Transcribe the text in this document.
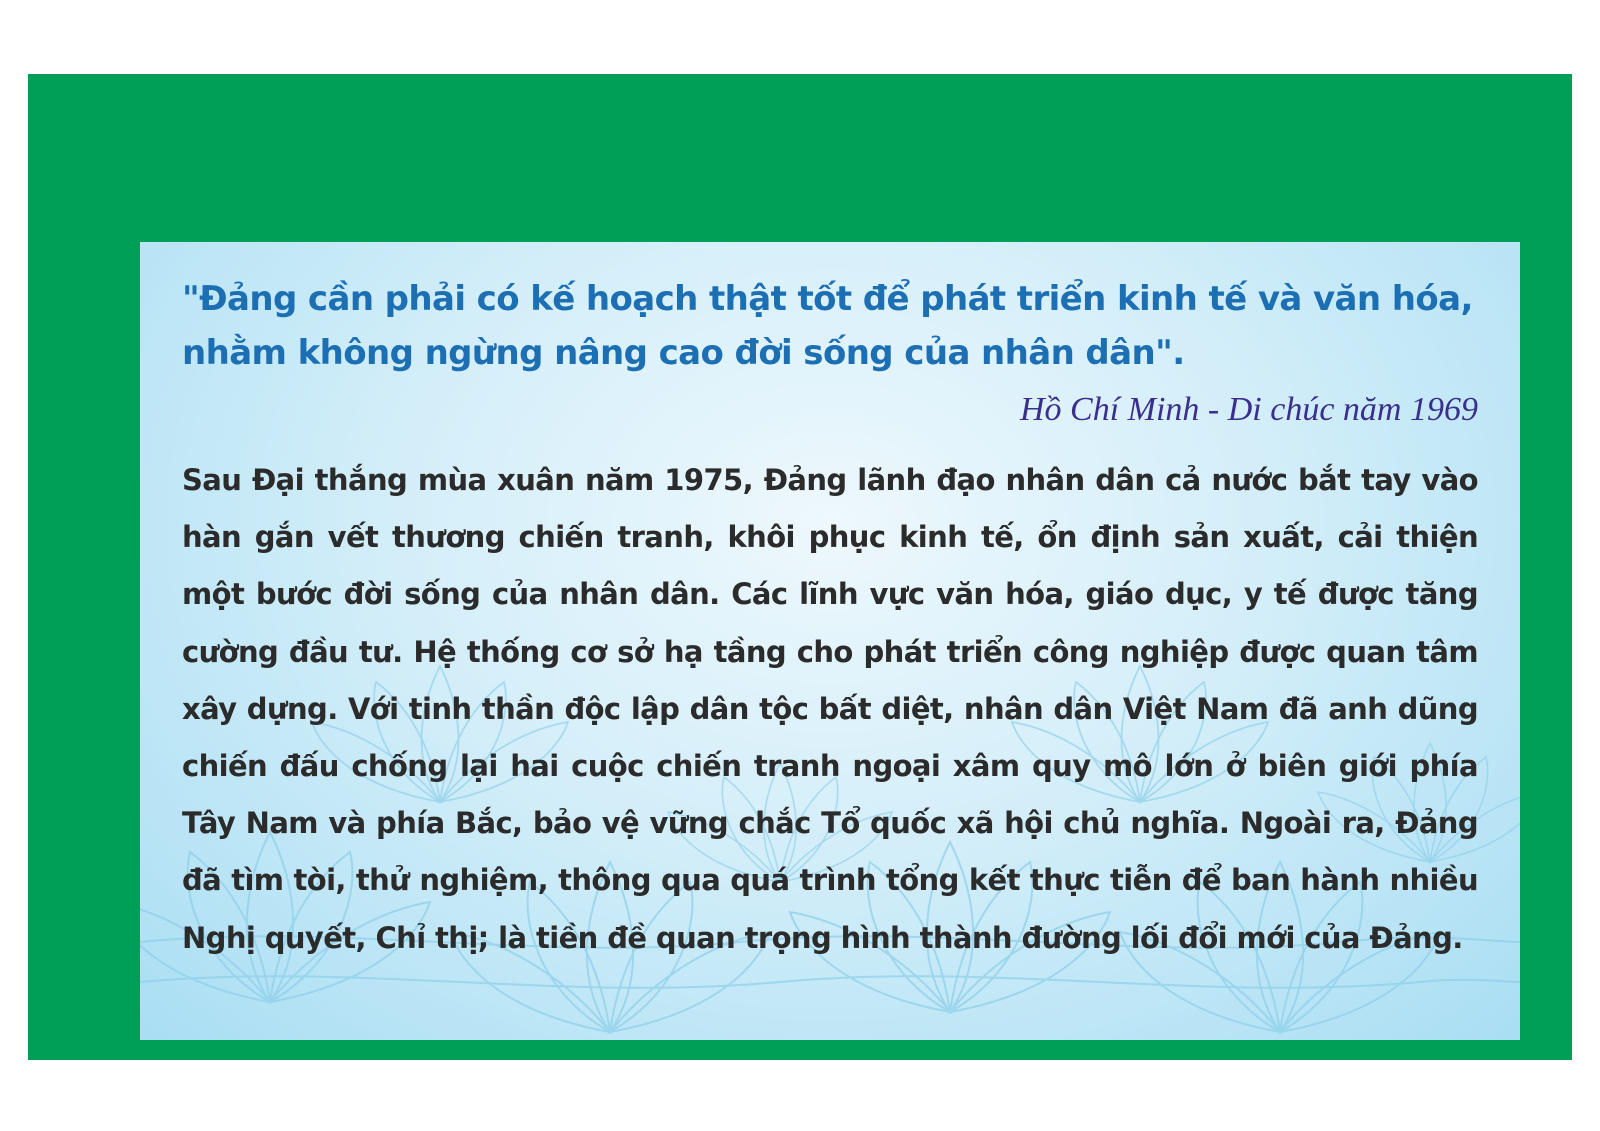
"Đảng cần phải có kế hoạch thật tốt để phát triển kinh tế và văn hóa, nhằm không ngừng nâng cao đời sống của nhân dân".

Hồ Chí Minh - Di chúc năm 1969

Sau Đại thắng mùa xuân năm 1975, Đảng lãnh đạo nhân dân cả nước bắt tay vào hàn gắn vết thương chiến tranh, khôi phục kinh tế, ổn định sản xuất, cải thiện một bước đời sống của nhân dân. Các lĩnh vực văn hóa, giáo dục, y tế được tăng cường đầu tư. Hệ thống cơ sở hạ tầng cho phát triển công nghiệp được quan tâm xây dựng. Với tinh thần độc lập dân tộc bất diệt, nhân dân Việt Nam đã anh dũng chiến đấu chống lại hai cuộc chiến tranh ngoại xâm quy mô lớn ở biên giới phía Tây Nam và phía Bắc, bảo vệ vững chắc Tổ quốc xã hội chủ nghĩa. Ngoài ra, Đảng đã tìm tòi, thử nghiệm, thông qua quá trình tổng kết thực tiễn để ban hành nhiều Nghị quyết, Chỉ thị; là tiền đề quan trọng hình thành đường lối đổi mới của Đảng.
